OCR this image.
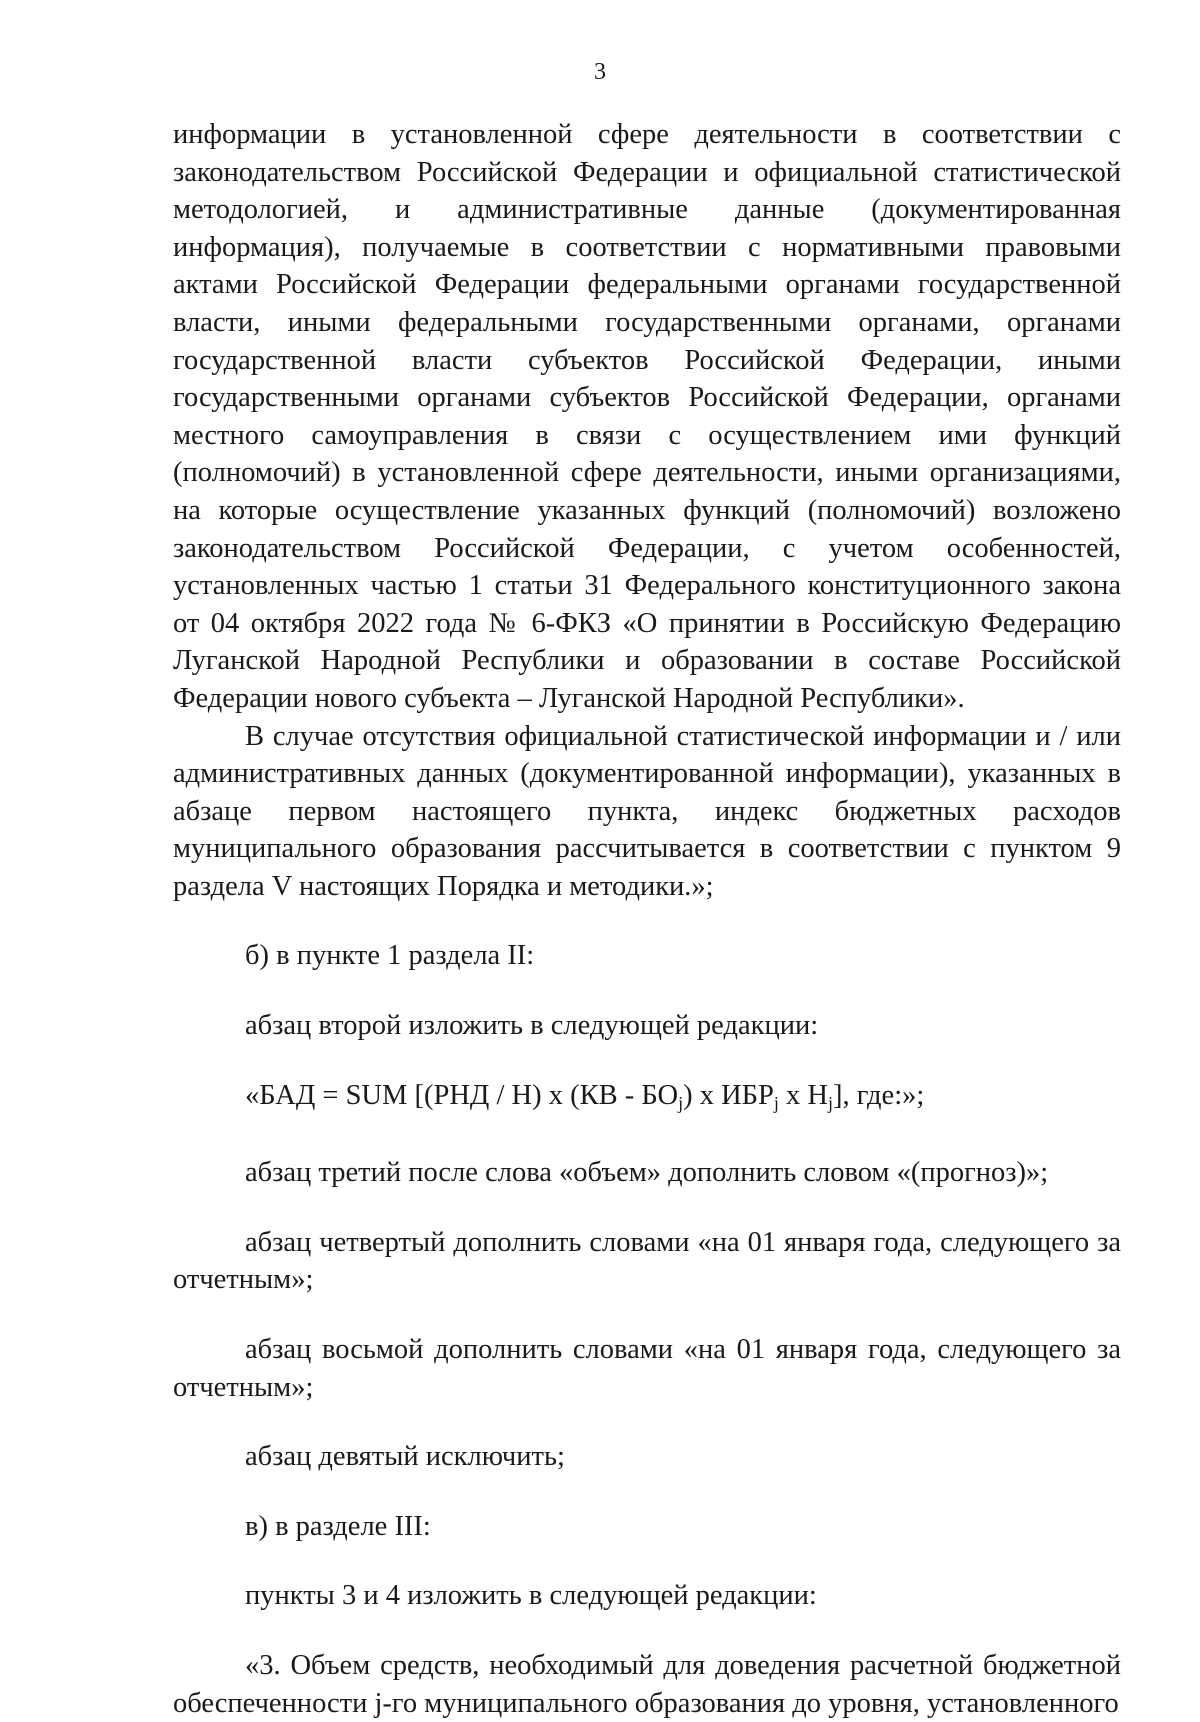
3

информации в установленной сфере деятельности в соответствии с законодательством Российской Федерации и официальной статистической методологией, и административные данные (документированная информация), получаемые в соответствии с нормативными правовыми актами Российской Федерации федеральными органами государственной власти, иными федеральными государственными органами, органами государственной власти субъектов Российской Федерации, иными государственными органами субъектов Российской Федерации, органами местного самоуправления в связи с осуществлением ими функций (полномочий) в установленной сфере деятельности, иными организациями, на которые осуществление указанных функций (полномочий) возложено законодательством Российской Федерации, с учетом особенностей, установленных частью 1 статьи 31 Федерального конституционного закона от 04 октября 2022 года № 6-ФКЗ «О принятии в Российскую Федерацию Луганской Народной Республики и образовании в составе Российской Федерации нового субъекта – Луганской Народной Республики».

В случае отсутствия официальной статистической информации и / или административных данных (документированной информации), указанных в абзаце первом настоящего пункта, индекс бюджетных расходов муниципального образования рассчитывается в соответствии с пунктом 9 раздела V настоящих Порядка и методики.»;

б) в пункте 1 раздела II:

абзац второй изложить в следующей редакции:

«БАД = SUM [(РНД / Н) х $(КВ - БО_j)$ х $ИБР_j$ х $Н_j$], где:»;

абзац третий после слова «объем» дополнить словом «(прогноз)»;

абзац четвертый дополнить словами «на 01 января года, следующего за отчетным»;

абзац восьмой дополнить словами «на 01 января года, следующего за отчетным»;

абзац девятый исключить;

в) в разделе III:

пункты 3 и 4 изложить в следующей редакции:

«3. Объем средств, необходимый для доведения расчетной бюджетной обеспеченности j-го муниципального образования до уровня, установленного
